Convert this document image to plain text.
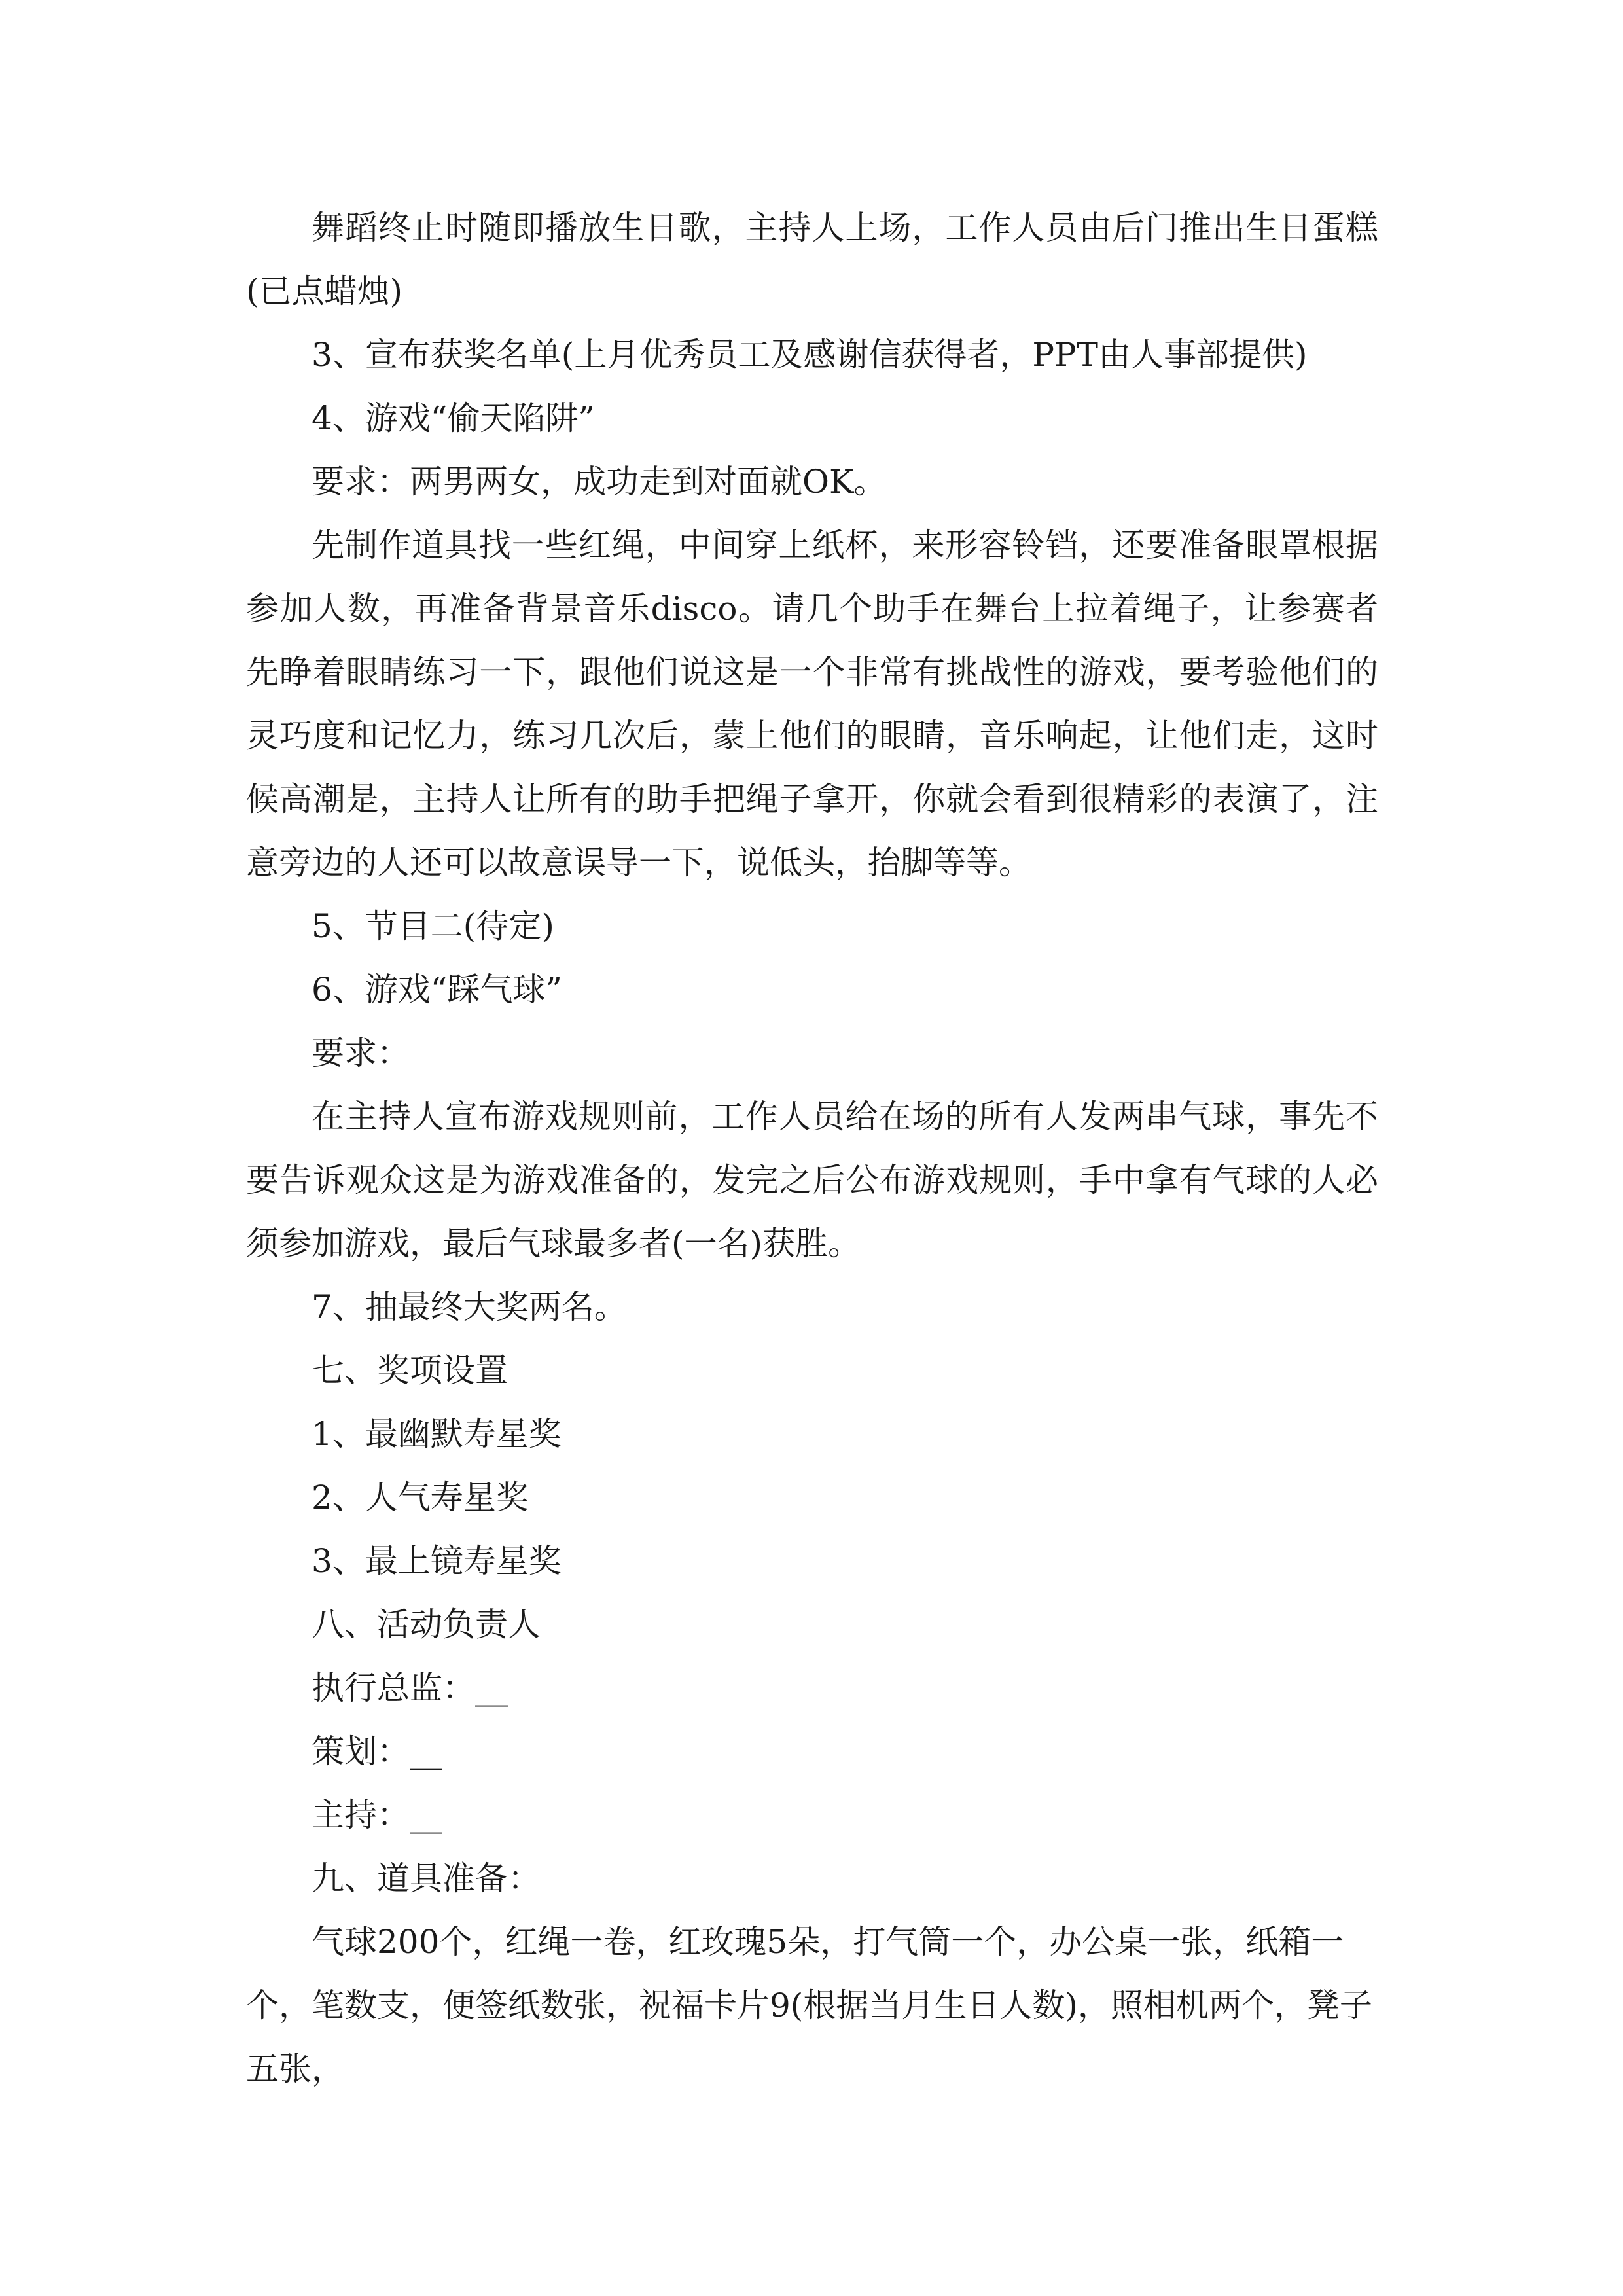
舞蹈终止时随即播放生日歌，主持人上场，工作人员由后门推出生日蛋糕(已点蜡烛)

3、宣布获奖名单(上月优秀员工及感谢信获得者，PPT由人事部提供)

4、游戏“偷天陷阱”

要求：两男两女，成功走到对面就OK。

先制作道具找一些红绳，中间穿上纸杯，来形容铃铛，还要准备眼罩根据参加人数，再准备背景音乐disco。请几个助手在舞台上拉着绳子，让参赛者先睁着眼睛练习一下，跟他们说这是一个非常有挑战性的游戏，要考验他们的灵巧度和记忆力，练习几次后，蒙上他们的眼睛，音乐响起，让他们走，这时候高潮是，主持人让所有的助手把绳子拿开，你就会看到很精彩的表演了，注意旁边的人还可以故意误导一下，说低头，抬脚等等。

5、节目二(待定)

6、游戏“踩气球”

要求：

在主持人宣布游戏规则前，工作人员给在场的所有人发两串气球，事先不要告诉观众这是为游戏准备的，发完之后公布游戏规则，手中拿有气球的人必须参加游戏，最后气球最多者(一名)获胜。

7、抽最终大奖两名。

七、奖项设置

1、最幽默寿星奖

2、人气寿星奖

3、最上镜寿星奖

八、活动负责人

执行总监：__

策划：__

主持：__

九、道具准备：

气球200个，红绳一卷，红玫瑰5朵，打气筒一个，办公桌一张，纸箱一个，笔数支，便签纸数张，祝福卡片9(根据当月生日人数)，照相机两个，凳子五张，
